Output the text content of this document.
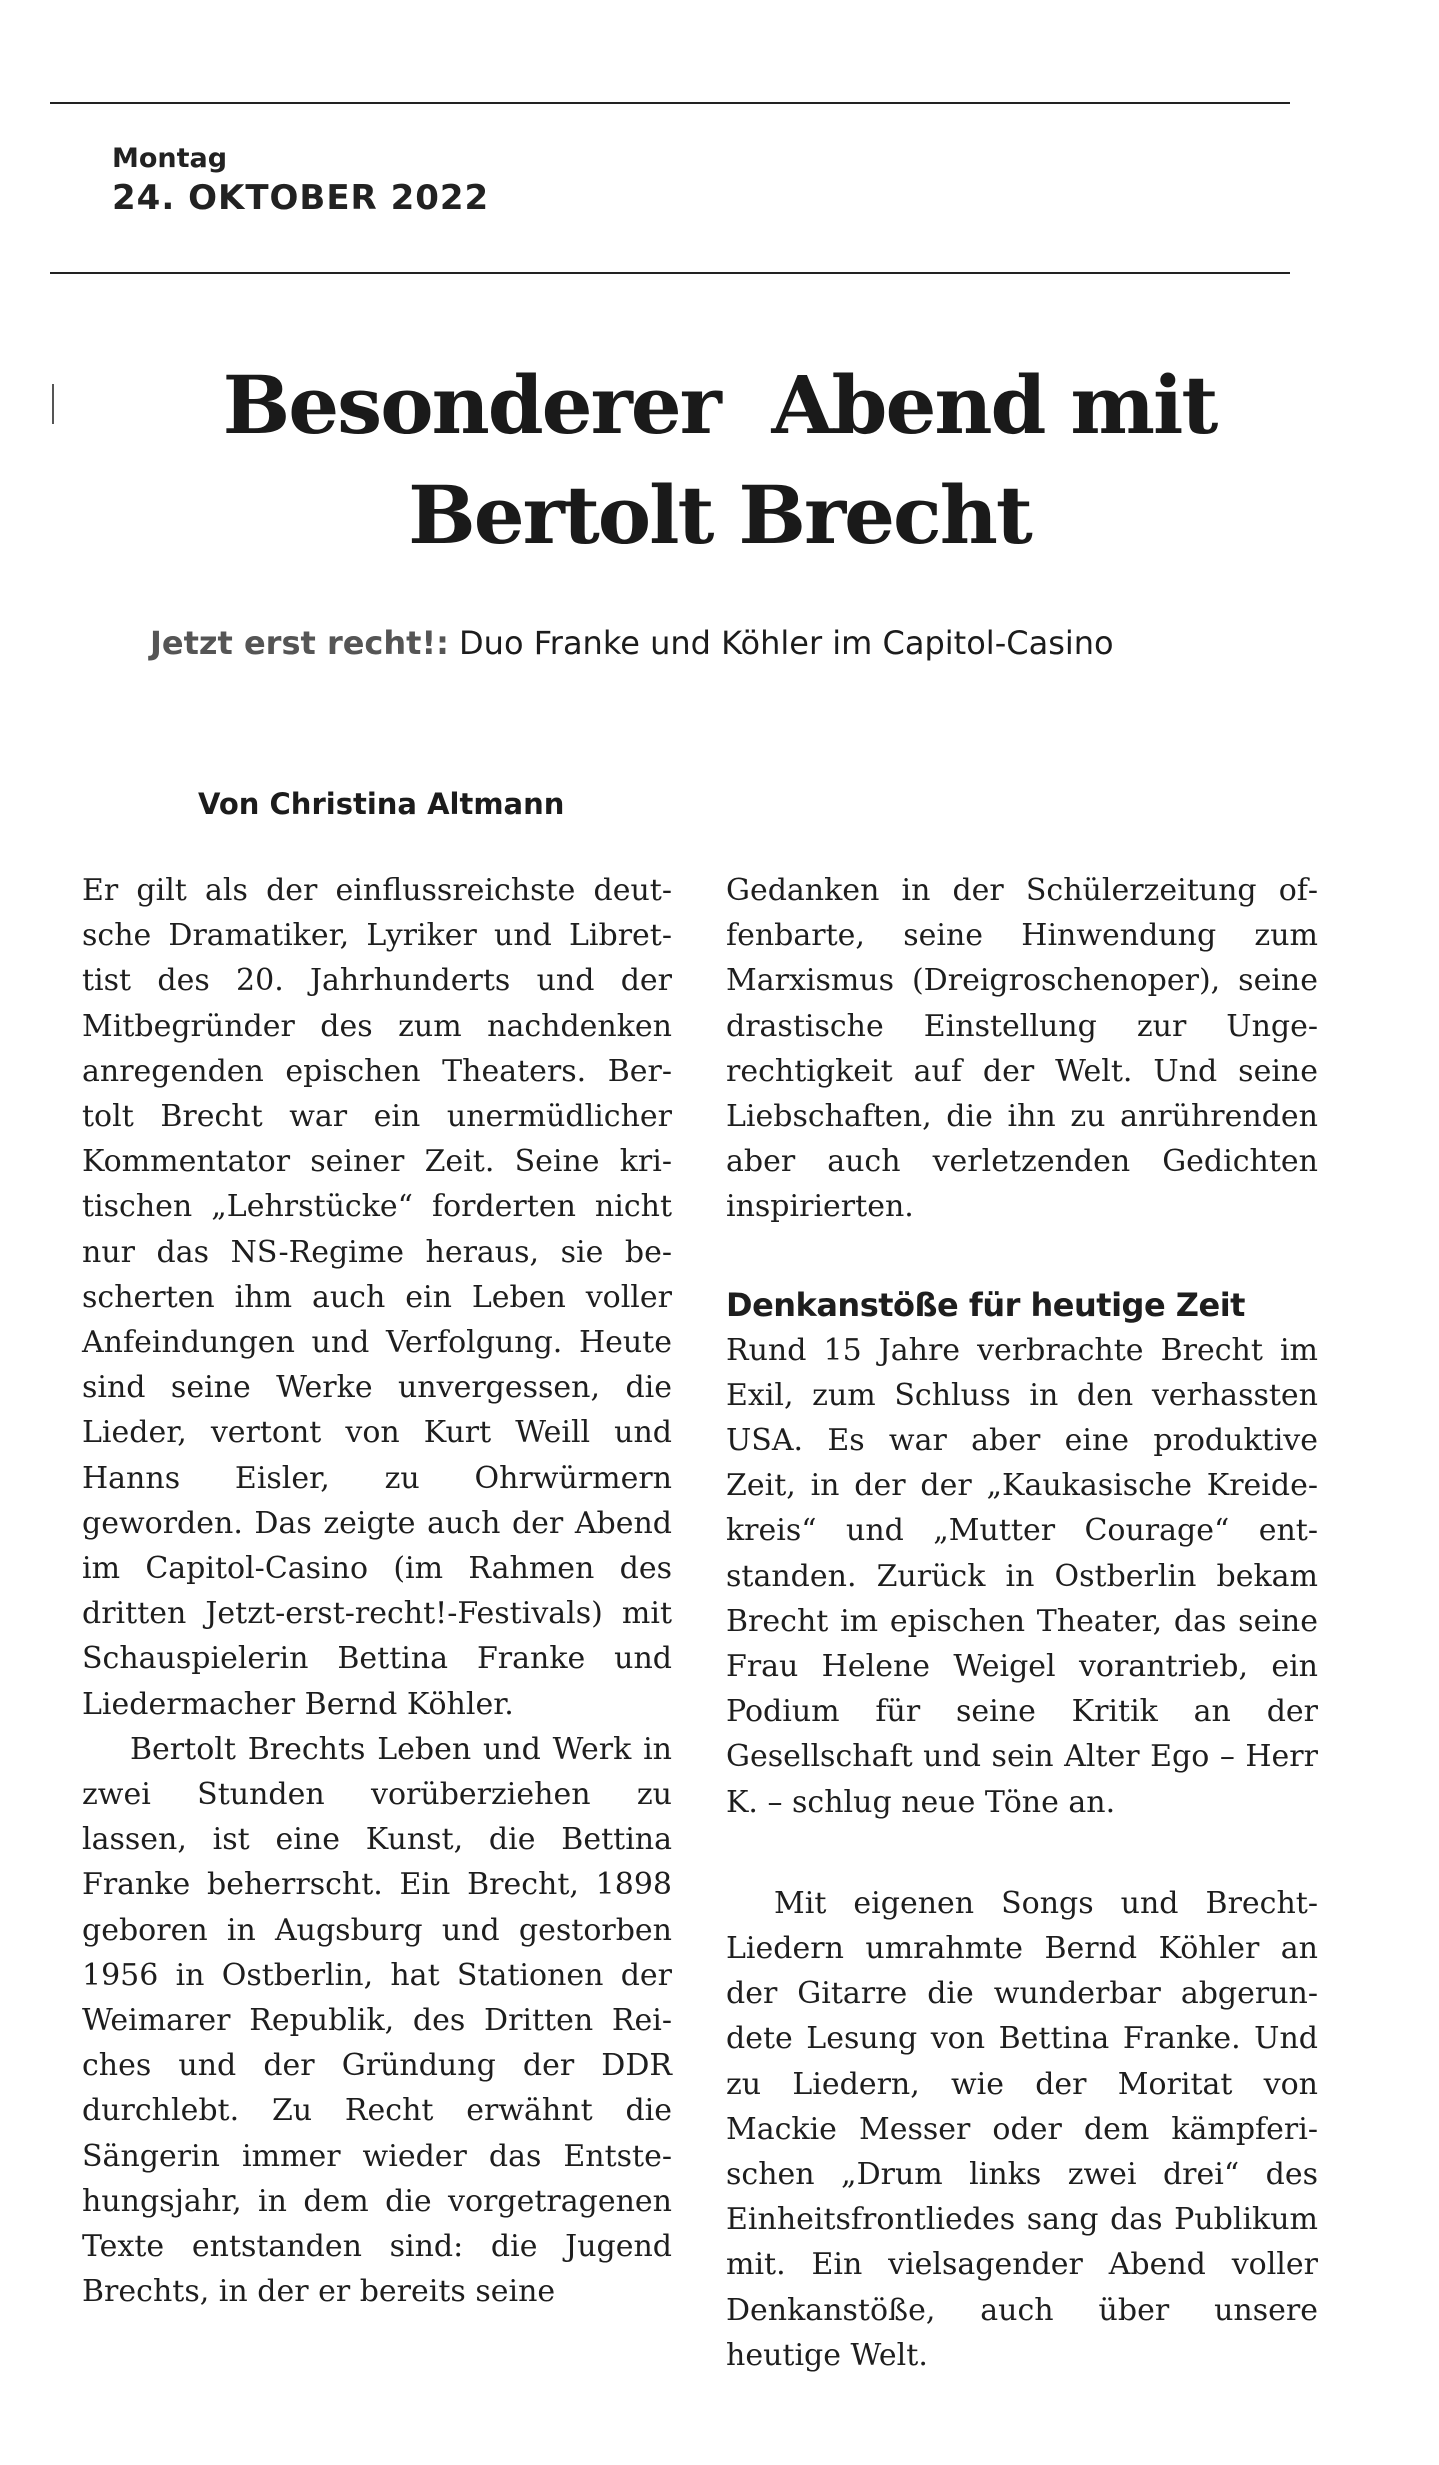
Montag
24. OKTOBER 2022
Besonderer  Abend mit
Bertolt Brecht
Jetzt erst recht!: Duo Franke und Köhler im Capitol-Casino
Von Christina Altmann

Er gilt als der einflussreichste deutsche Dramatiker, Lyriker und Librettist des 20. Jahrhunderts und der Mitbegründer des zum nachdenken anregenden epischen Theaters. Bertolt Brecht war ein unermüdlicher Kommentator seiner Zeit. Seine kritischen „Lehrstücke“ forderten nicht nur das NS-Regime heraus, sie bescherten ihm auch ein Leben voller Anfeindungen und Verfolgung. Heute sind seine Werke unvergessen, die Lieder, vertont von Kurt Weill und Hanns Eisler, zu Ohrwürmern geworden. Das zeigte auch der Abend im Capitol-Casino (im Rahmen des dritten Jetzt-erst-recht!-Festivals) mit Schauspielerin Bettina Franke und Liedermacher Bernd Köhler.

Bertolt Brechts Leben und Werk in zwei Stunden vorüberziehen zu lassen, ist eine Kunst, die Bettina Franke beherrscht. Ein Brecht, 1898 geboren in Augsburg und gestorben 1956 in Ostberlin, hat Stationen der Weimarer Republik, des Dritten Reiches und der Gründung der DDR durchlebt. Zu Recht erwähnt die Sängerin immer wieder das Entstehungsjahr, in dem die vorgetragenen Texte entstanden sind: die Jugend Brechts, in der er bereits seine

Gedanken in der Schülerzeitung offenbarte, seine Hinwendung zum Marxismus (Dreigroschenoper), seine drastische Einstellung zur Ungerechtigkeit auf der Welt. Und seine Liebschaften, die ihn zu anrührenden aber auch verletzenden Gedichten inspirierten.

Denkanstöße für heutige Zeit

Rund 15 Jahre verbrachte Brecht im Exil, zum Schluss in den verhassten USA. Es war aber eine produktive Zeit, in der der „Kaukasische Kreidekreis“ und „Mutter Courage“ entstanden. Zurück in Ostberlin bekam Brecht im epischen Theater, das seine Frau Helene Weigel vorantrieb, ein Podium für seine Kritik an der Gesellschaft und sein Alter Ego – Herr K. – schlug neue Töne an.

Mit eigenen Songs und Brecht-Liedern umrahmte Bernd Köhler an der Gitarre die wunderbar abgerundete Lesung von Bettina Franke. Und zu Liedern, wie der Moritat von Mackie Messer oder dem kämpferischen „Drum links zwei drei“ des Einheitsfrontliedes sang das Publikum mit. Ein vielsagender Abend voller Denkanstöße, auch über unsere heutige Welt.
